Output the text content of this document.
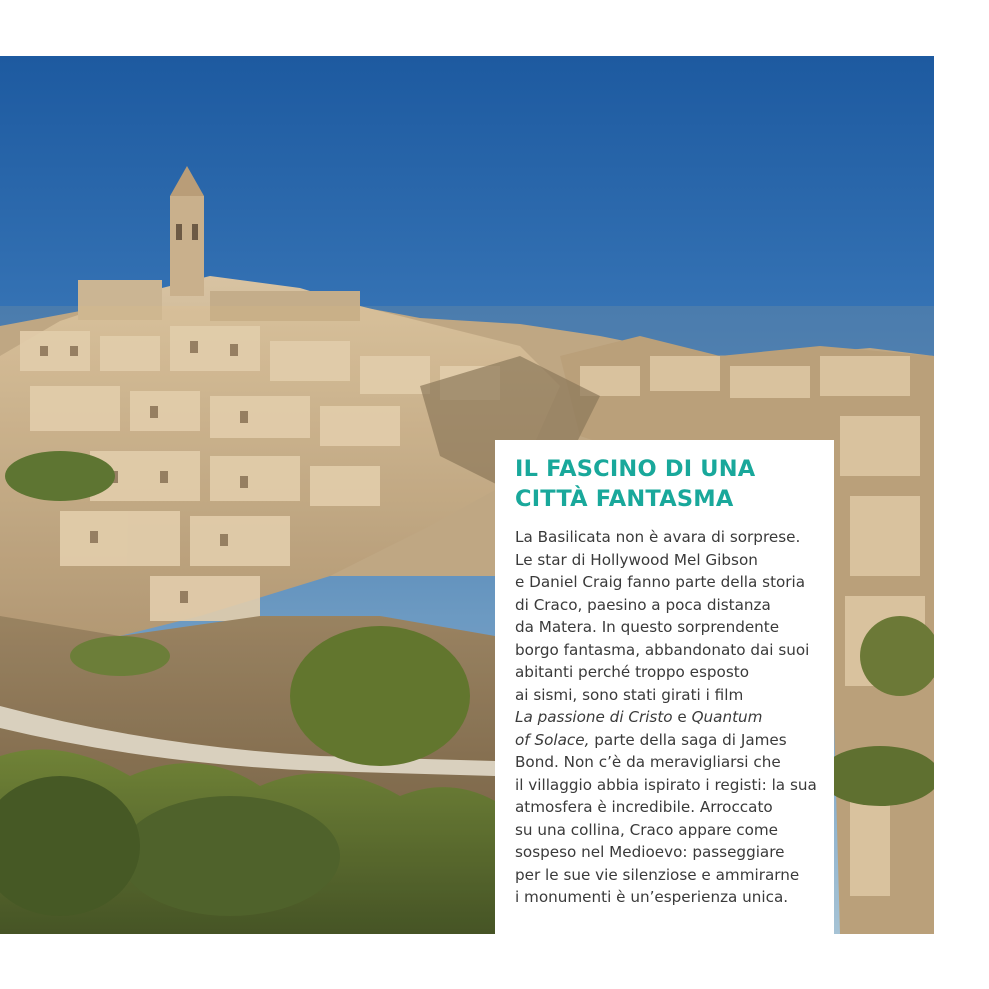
IL FASCINO DI UNA
CITTÀ FANTASMA

La Basilicata non è avara di sorprese.
Le star di Hollywood Mel Gibson
e Daniel Craig fanno parte della storia
di Craco, paesino a poca distanza
da Matera. In questo sorprendente
borgo fantasma, abbandonato dai suoi
abitanti perché troppo esposto
ai sismi, sono stati girati i film
La passione di Cristo e Quantum
of Solace, parte della saga di James
Bond. Non c’è da meravigliarsi che
il villaggio abbia ispirato i registi: la sua
atmosfera è incredibile. Arroccato
su una collina, Craco appare come
sospeso nel Medioevo: passeggiare
per le sue vie silenziose e ammirarne
i monumenti è un’esperienza unica.
